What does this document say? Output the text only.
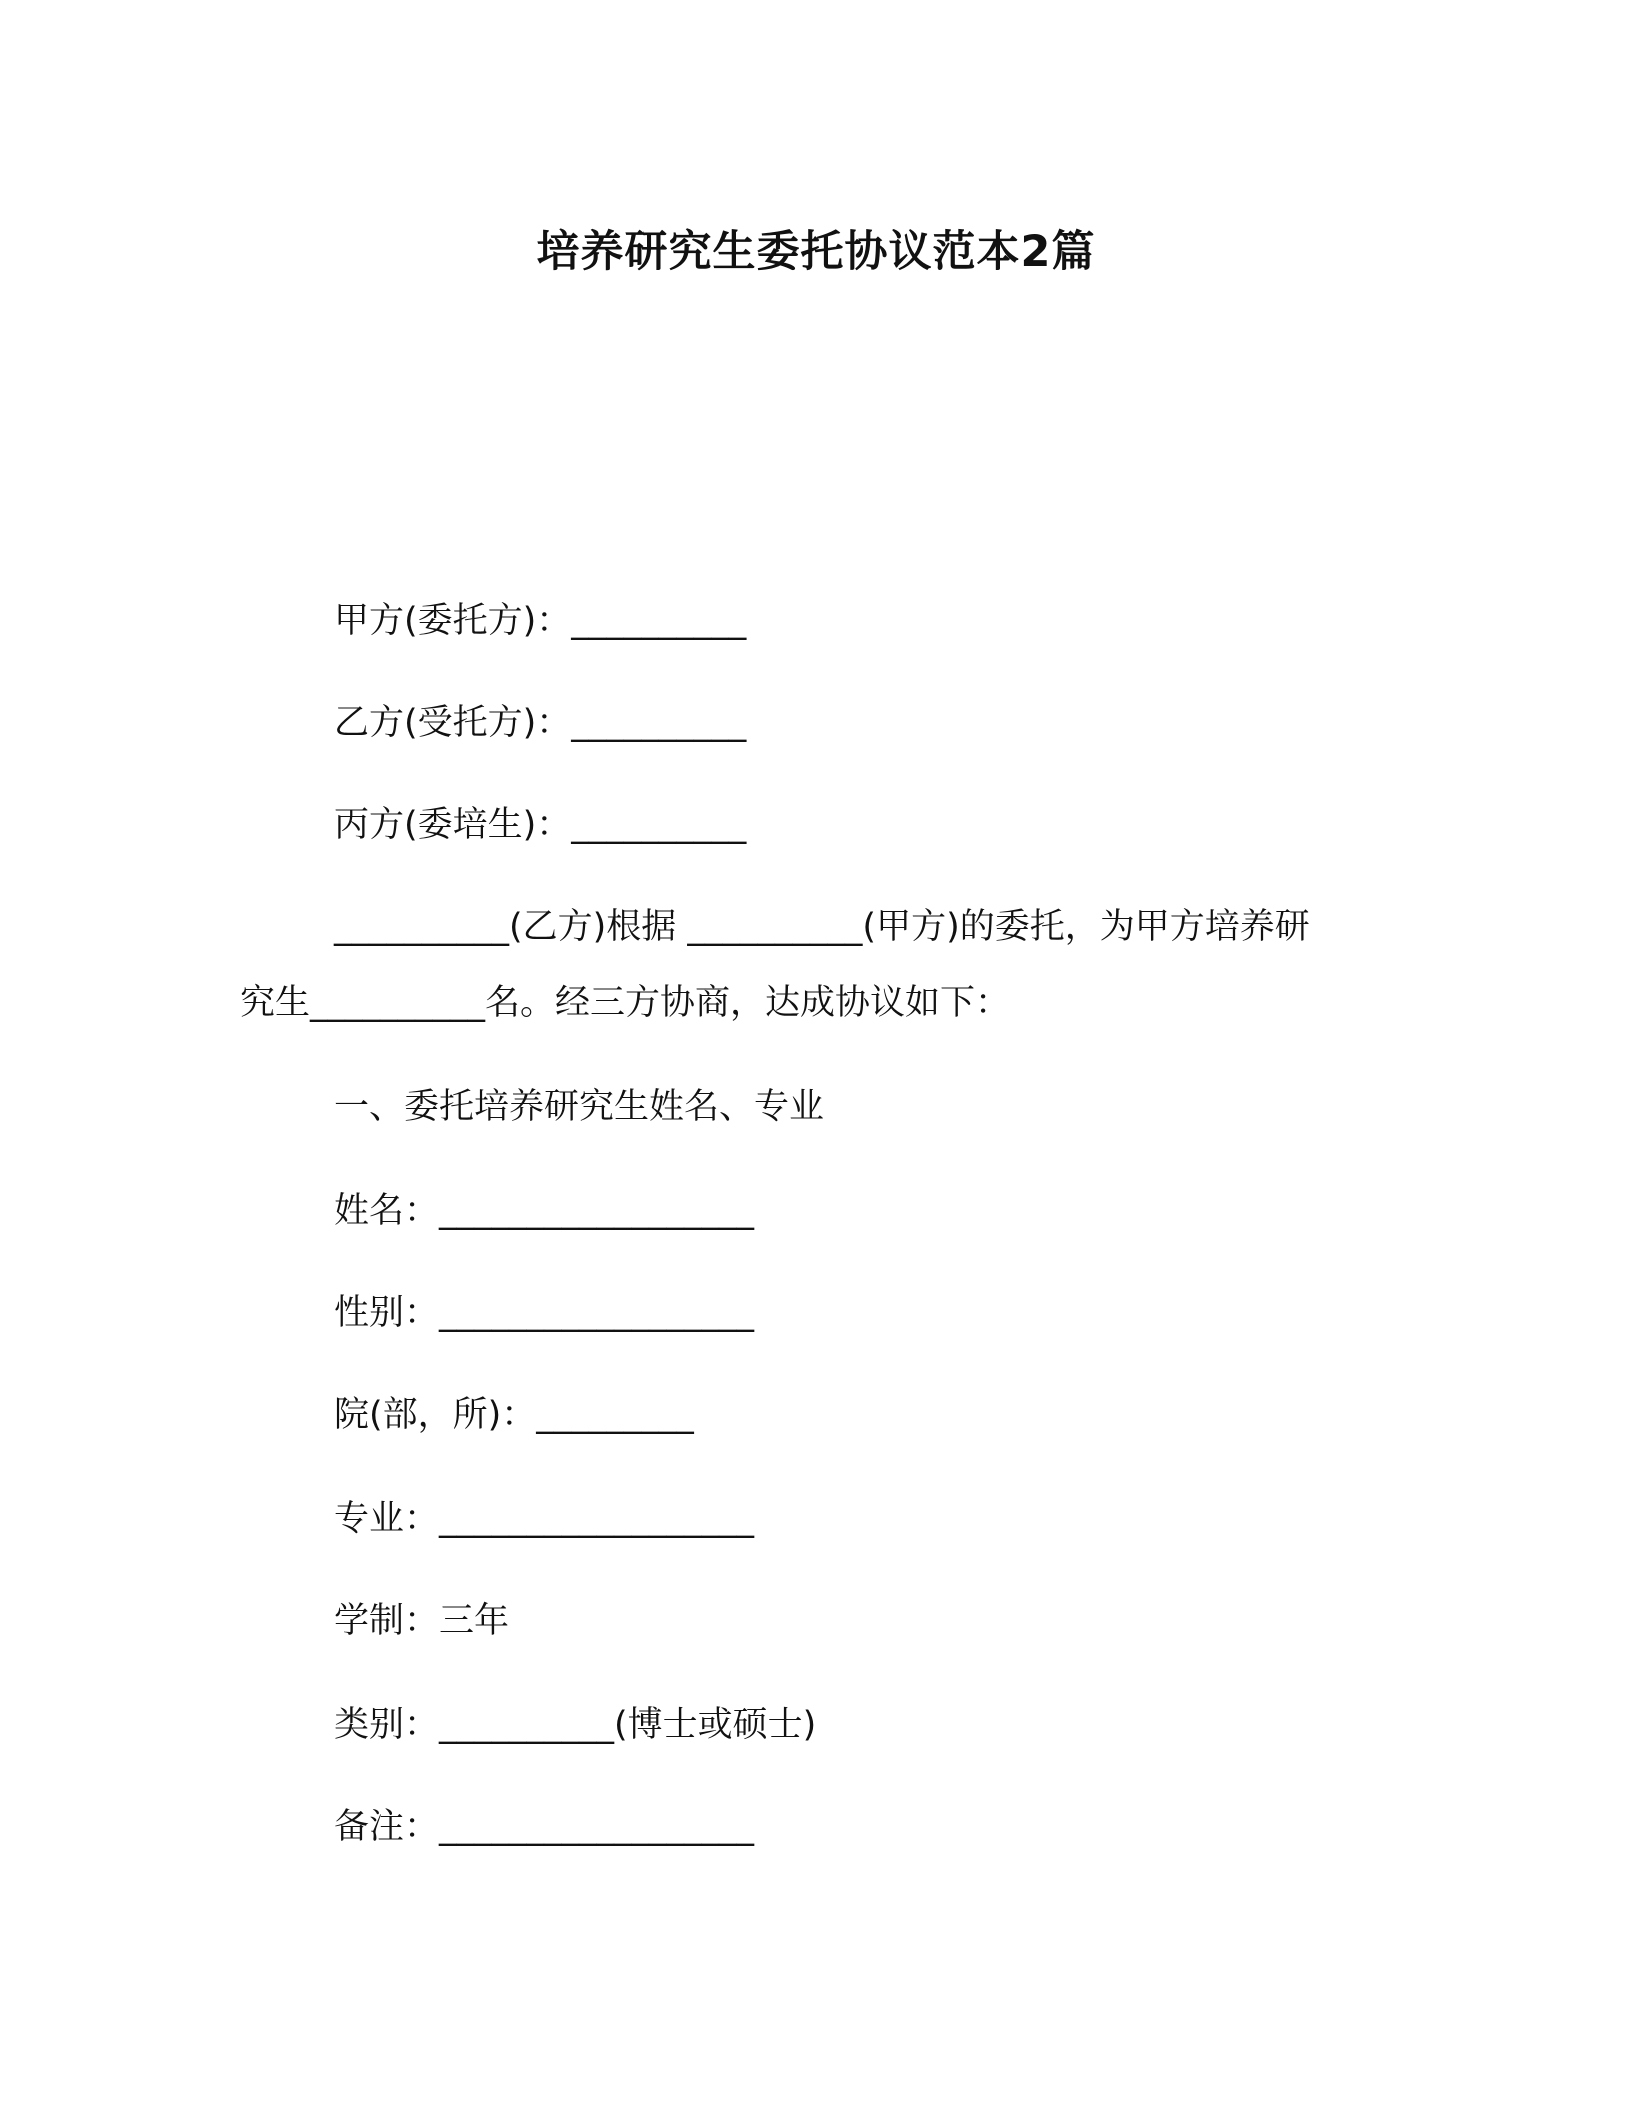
培养研究生委托协议范本2篇

甲方(委托方)：__________

乙方(受托方)：__________

丙方(委培生)：__________

__________(乙方)根据 __________(甲方)的委托，为甲方培养研

究生__________名。经三方协商，达成协议如下：

一、委托培养研究生姓名、专业

姓名：__________________

性别：__________________

院(部，所)：_________

专业：__________________

学制：三年

类别：__________(博士或硕士)

备注：__________________
